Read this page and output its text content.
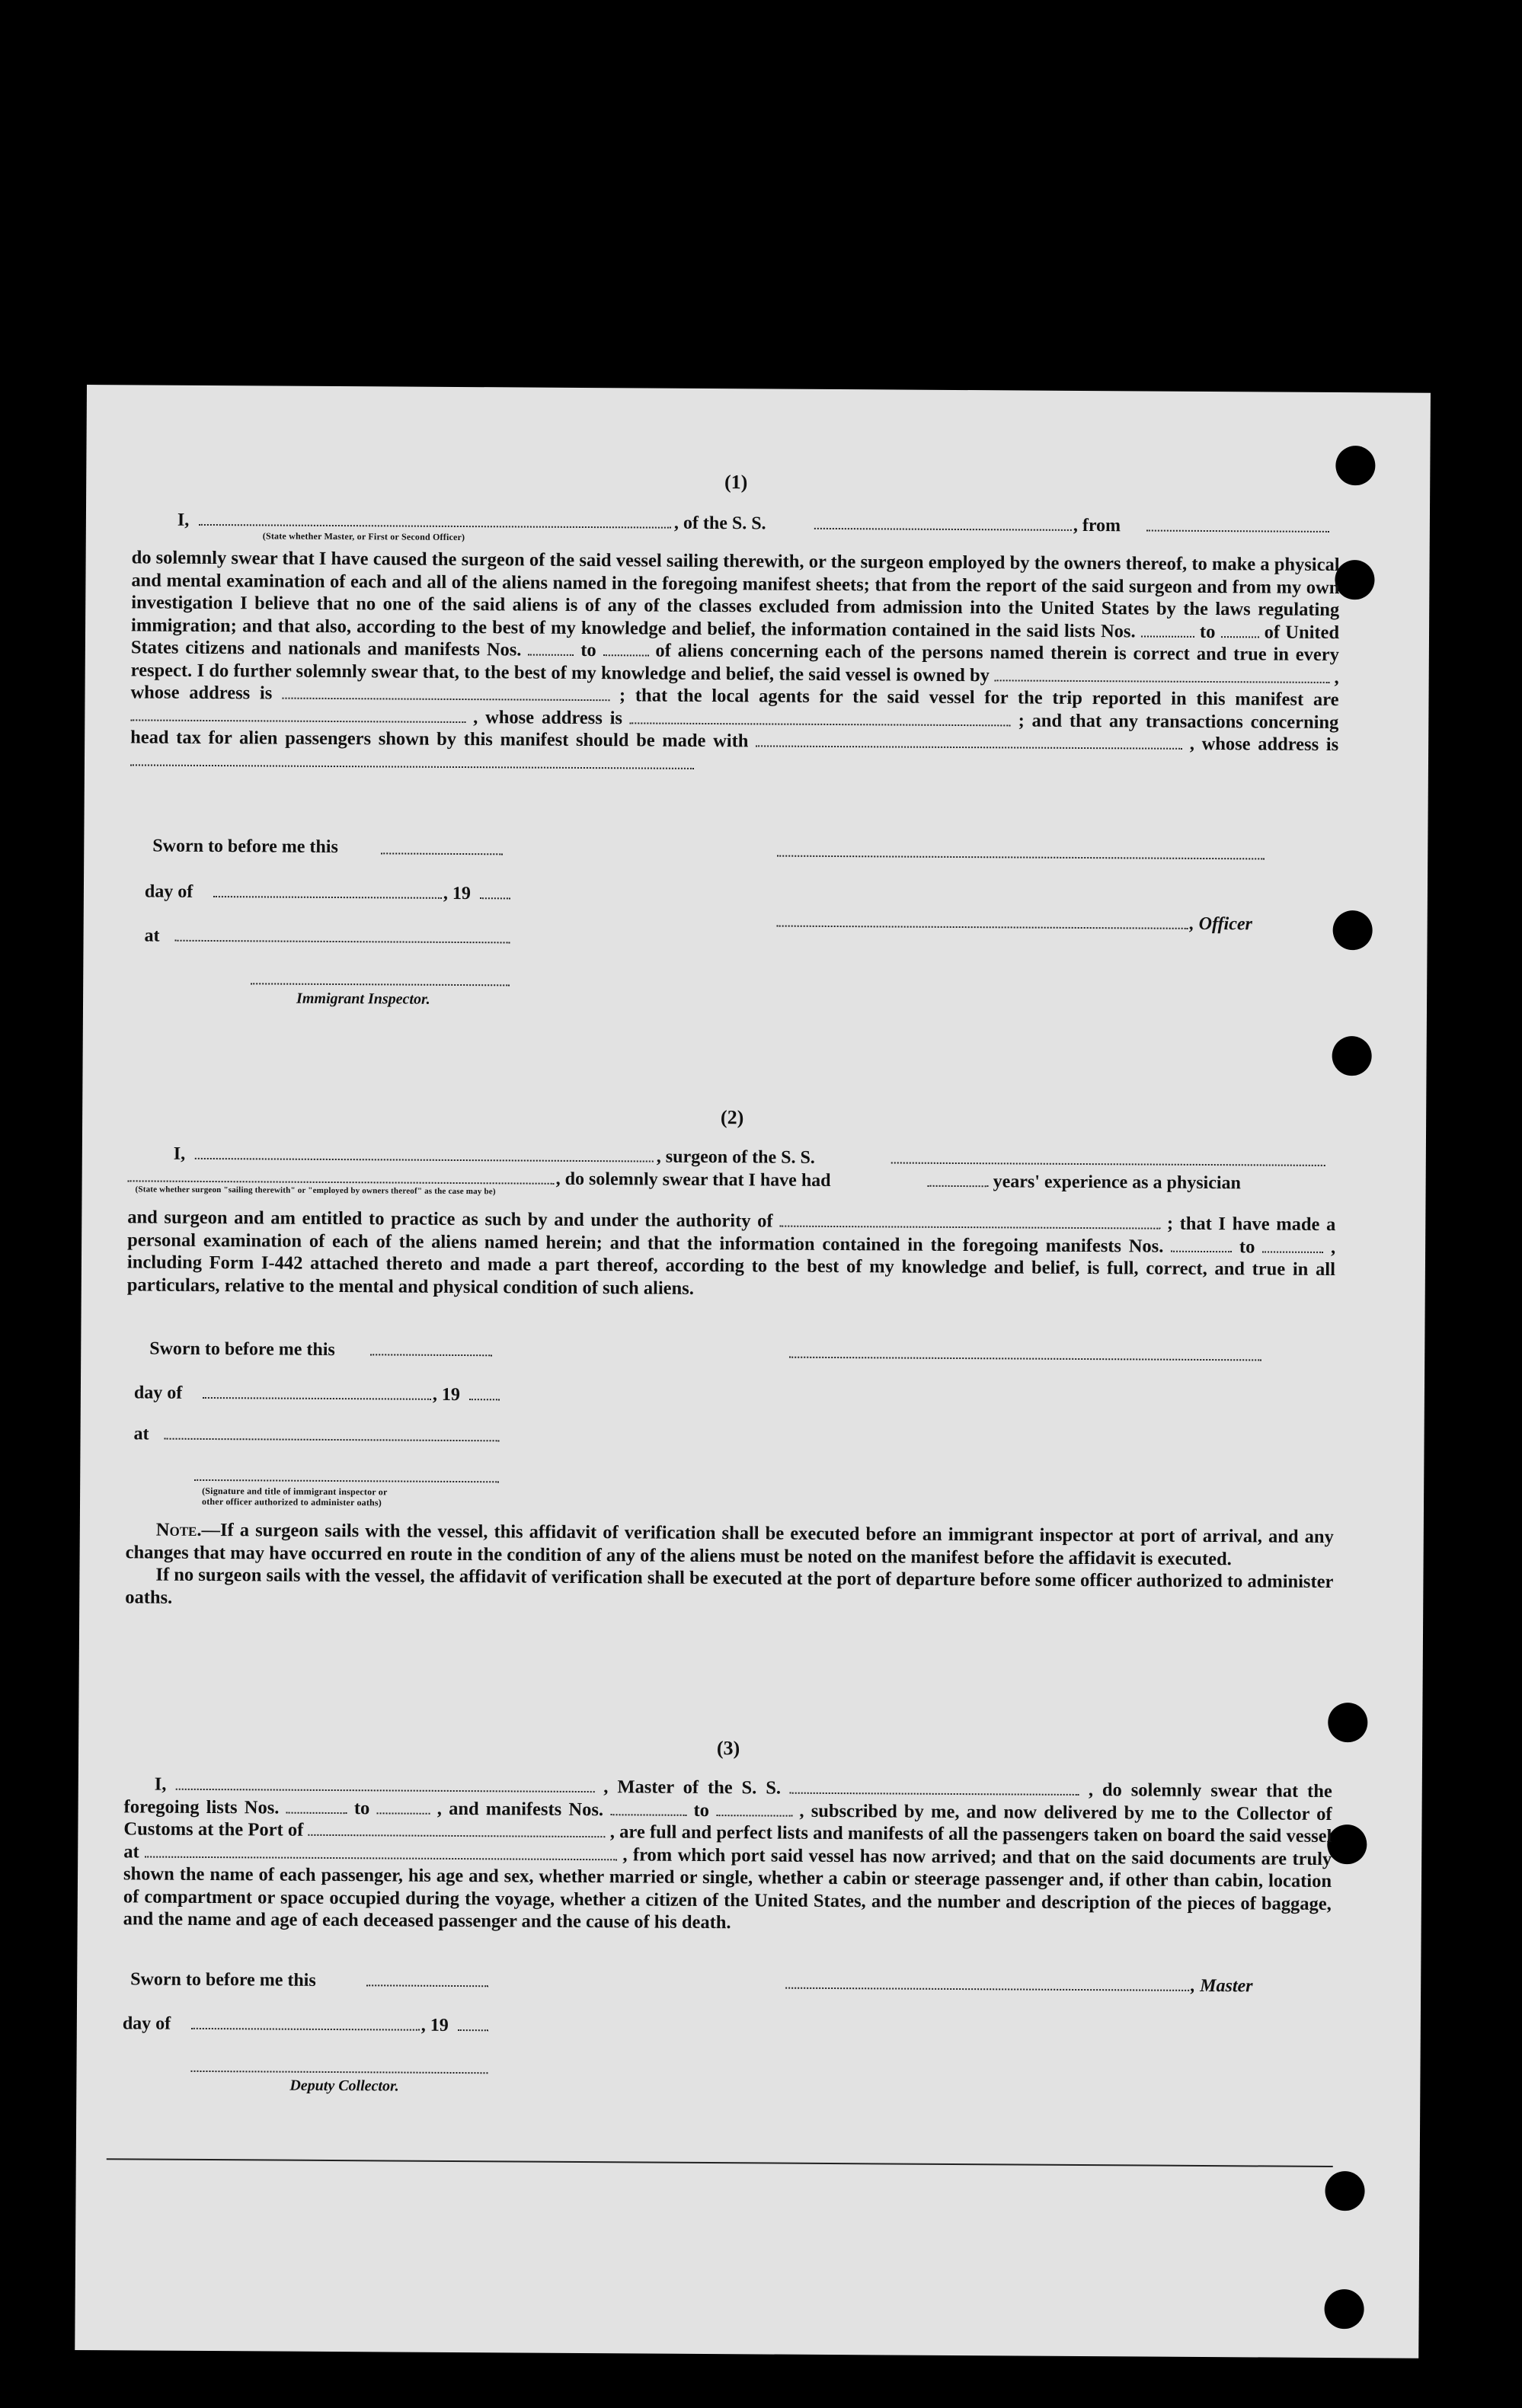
(1)
I,	, of the S. S.	, from
(State whether Master, or First or Second Officer)

do solemnly swear that I have caused the surgeon of the said vessel sailing therewith, or the surgeon employed by the owners thereof, to make a physical and mental examination of each and all of the aliens named in the foregoing manifest sheets; that from the report of the said surgeon and from my own investigation I believe that no one of the said aliens is of any of the classes excluded from admission into the United States by the laws regulating immigration; and that also, according to the best of my knowledge and belief, the information contained in the said lists Nos.	to	of United States citizens and nationals and manifests Nos.	to	of aliens concerning each of the persons named therein is correct and true in every respect. I do further solemnly swear that, to the best of my knowledge and belief, the said vessel is owned by	, whose address is	; that the local agents for the said vessel for the trip reported in this manifest are  , whose address is	; and that any transactions concerning head tax for alien passengers shown by this manifest should be made with	, whose address is

Sworn to before me this
day of	, 19
, Officer
at
Immigrant Inspector.
(2)
I,	, surgeon of the S. S.
, do solemnly swear that I have had	years' experience as a physician
(State whether surgeon "sailing therewith" or "employed by owners thereof" as the case may be)

and surgeon and am entitled to practice as such by and under the authority of	; that I have made a personal examination of each of the aliens named herein; and that the information contained in the foregoing manifests Nos.	to	, including Form I-442 attached thereto and made a part thereof, according to the best of my knowledge and belief, is full, correct, and true in all particulars, relative to the mental and physical condition of such aliens.

Sworn to before me this
day of	, 19
at
(Signature and title of immigrant inspector or
other officer authorized to administer oaths)

Note.—If a surgeon sails with the vessel, this affidavit of verification shall be executed before an immigrant inspector at port of arrival, and any changes that may have occurred en route in the condition of any of the aliens must be noted on the manifest before the affidavit is executed.

If no surgeon sails with the vessel, the affidavit of verification shall be executed at the port of departure before some officer authorized to administer oaths.

(3)

I,	, Master of the S. S.	, do solemnly swear that the foregoing lists Nos.	to	, and manifests Nos.	to	, subscribed by me, and now delivered by me to the Collector of Customs at the Port of	, are full and perfect lists and manifests of all the passengers taken on board the said vessel at	, from which port said vessel has now arrived; and that on the said documents are truly shown the name of each passenger, his age and sex, whether married or single, whether a cabin or steerage passenger and, if other than cabin, location of compartment or space occupied during the voyage, whether a citizen of the United States, and the number and description of the pieces of baggage, and the name and age of each deceased passenger and the cause of his death.

Sworn to before me this	, Master
day of	, 19
Deputy Collector.
